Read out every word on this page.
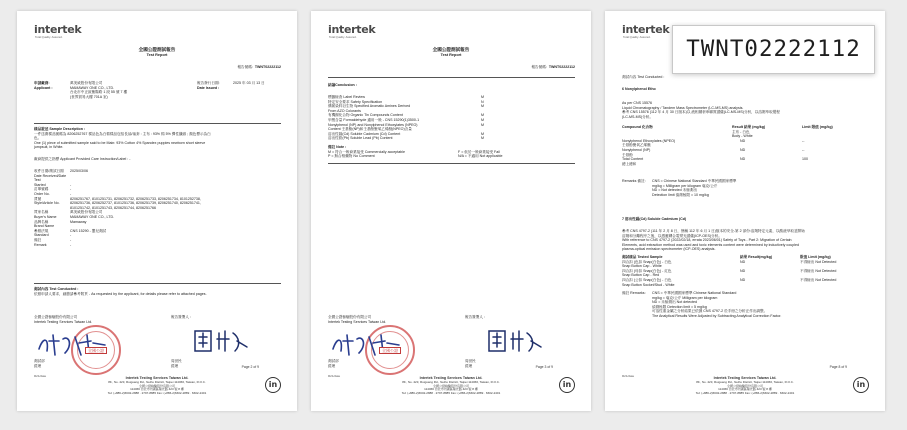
intertek
Total Quality. Assured.
全國公證測試報告
Test Report
報告號碼: TWNT02222112
申請廠商:	萬美威股份有限公司	報告發行日期:	2025 年 03 月 13 日
Applicant :	MAMAWAY ONE CO., LTD.	Date Issued :
台北市中正區衡陽路 1 段 55 號 7 樓
(世界貿易大樓 701A 室)
樣品敘述 Sample Description :
一件送測樣品號碼為 8206252767 樣品色為白棉樣品包括長袖/袖套 : 主布 : 93% 棉 5% 彈性纖維 ; 顏色標示為白
色。
One (1) piece of submitted sample said to be Main: 93% Cotton 4% Spandex puppies newborn short sleeve
jumpsuit, in White.
廠商提供之指標 Applicant Provided Care Instruction/Label : -
收件日期/測試日期	2025/03/06
Date Received/Date Test
Started	-
訂單號碼	-
Order No.	-
貨號	8206251767, 8101251731, 8206251732, 8206251733, 8206251734, 8101252738,
Style/Article No.	8206251736, 8206252737, 8101251736, 8206251739, 8206251740, 8206251741,
8101251742, 8101251743, 8206251744, 8206251766
買家名稱	萬美威股份有限公司
Buyer's Name	MAMAWAY ONE CO., LTD.
品牌名稱	Mamaway
Brand Name
參照法規	CNS 15290 - 嬰兒測試
Standard	-
備註	-
Remark	-
測試內容 Test Conducted :
依照申請人要求，細節請參考附頁 - As requested by the applicant, for details please refer to attached pages.
全國公證檢驗股份有限公司	報告簽署人 :
Intertek Testing Services Taiwan Ltd.
全國公證
測試部	周世民
經理	經理	Page 2 of 9
R21/date	Intertek Testing Services Taiwan Ltd.
8F., No. 423, Ruiguang Rd., Neihu District, Taipei 114066, Taiwan, R.O.C.
全國公證檢驗股份有限公司
114066 台北市內湖區瑞光路 423 號 8 樓
Tel: (+886-2)6602-2888 · 2797-8885 Fax: (+886-2)6602-2889 · 6602-2401
in
intertek
Total Quality. Assured.
全國公證測試報告
Test Report
報告號碼: TWNT02222112
結論Conclusion :
標籤檢查 Label Review	M
特定安全要求 Safety Specification	N
偶氮染料衍生物 Specified Aromatic Amines Derived	M
From AZO Colorants
有機錫化合物 Organic Tin Compounds Content	M
甲醛含量 Formaldehyde 適用一般 - CNS 15290(1)3500-1	M
Nonylphenol (NP) and Nonylphenol Ethoxylates (NPEO)	M
Content 壬基酚(NP)和壬基酚聚氧乙烯醚(NPEO)含量
溶出性鎘(Cd) Soluble Cadmium (Cd) Content	M
溶出性鉛(Pb) Soluble Lead (Pb) Content	M
備註 Note :
M = 符合一般商業接受 Commercially acceptable	F = 低於一般商業接受 Fail
P = 無合格藥物 No Comment	N/A = 不適用 Not applicable
全國公證檢驗股份有限公司	報告簽署人 :
Intertek Testing Services Taiwan Ltd.
全國公證
測試部	周世民
經理	經理	Page 3 of 9
R21/date	Intertek Testing Services Taiwan Ltd.
8F., No. 423, Ruiguang Rd., Neihu District, Taipei 114066, Taiwan, R.O.C.
全國公證檢驗股份有限公司
114066 台北市內湖區瑞光路 423 號 8 樓
Tel: (+886-2)6602-2888 · 2797-8885 Fax: (+886-2)6602-2889 · 6602-2401
in
intertek
Total Quality. Assured.
測試內容 Test Conducted :
6 Nonylphenol Etho
As per CNS 15576
Liquid Chromatography / Tandem Mass Spectrometer (LC-MS-MS) analysis.
參考 CNS 15576 (112 年 4 月 30 日版本)以 液相層析串聯質譜儀(LC-MS-MS)分析，以溶劑萃取製程
(LC-MS-MS)分析。
Compound 化合物	Result 結果 (mg/kg)	Limit 限值 (mg/kg)
主布 - 白色
Body - White
Nonylphenol Ethoxylates (NPEO)	ND	--
壬基酚聚氧乙烯醚
Nonylphenol (NP)	ND	--
壬基酚
Total Content	ND	100
總上總和
Remarks 備註:	CNS = Chinese National Standard 中華民國國家標準
mg/kg = Milligram per kilogram 毫克/公斤
ND = Not detected 未檢測出
Detection limit 偵測極限 = 10 mg/kg
7 溶出性鎘(Cd) Soluble Cadmium (Cd)
參考 CNS 4797-2 (111 年 2 月 8 日，簡稱 112 年 6 月 1 日)版本的安全-第 2 部份:溶劑特定元素，以酸液萃取並開始
溶劑和分離程序之後，以感應耦合電漿光譜儀(ICP-OES)分析。
With reference to CNS 4797-2 (2022/02/18, errata 2023/06/01) Safety of Toys - Part 2: Migration of Certain
Elements, acid extraction method was used and toxic elements content were determined by inductively coupled
plasma-optical emission spectrometer (ICP-OES) analysis.
測試樣品 Tested Sample	結果 Result(mg/kg)	限值 Limit (mg/kg)
四合扣 (色扣 Snap(白色) - 白色	ND	不得檢出 Not Detected
Snap Button Cap - White
四合扣 (母扣 Snap(白色) - 紅色	ND	不得檢出 Not Detected
Snap Button Cap - Red
四合扣 (公扣 Snap(白色) - 白色	ND	不得檢出 Not Detected
Snap Button Socket/Stud - White
備註 Remarks:	CNS = 中華民國國家標準 Chinese National Standard
mg/kg = 毫克/公斤 Milligram per kilogram
ND = 未檢測出 Not detected
偵測極限 Detection limit = 5 mg/kg
可溶性重金屬之分析結果已依據 CNS 4797-2 於手冊之分析正作出調整。
The Analytical Results Were Adjusted by Subtracting Analytical Correction Factor.
Page 8 of 9
R21/date	Intertek Testing Services Taiwan Ltd.
8F., No. 423, Ruiguang Rd., Neihu District, Taipei 114066, Taiwan, R.O.C.
全國公證檢驗股份有限公司
114066 台北市內湖區瑞光路 423 號 8 樓
Tel: (+886-2)6602-2888 · 2797-8885 Fax: (+886-2)6602-2889 · 6602-2401
in
TWNT02222112
